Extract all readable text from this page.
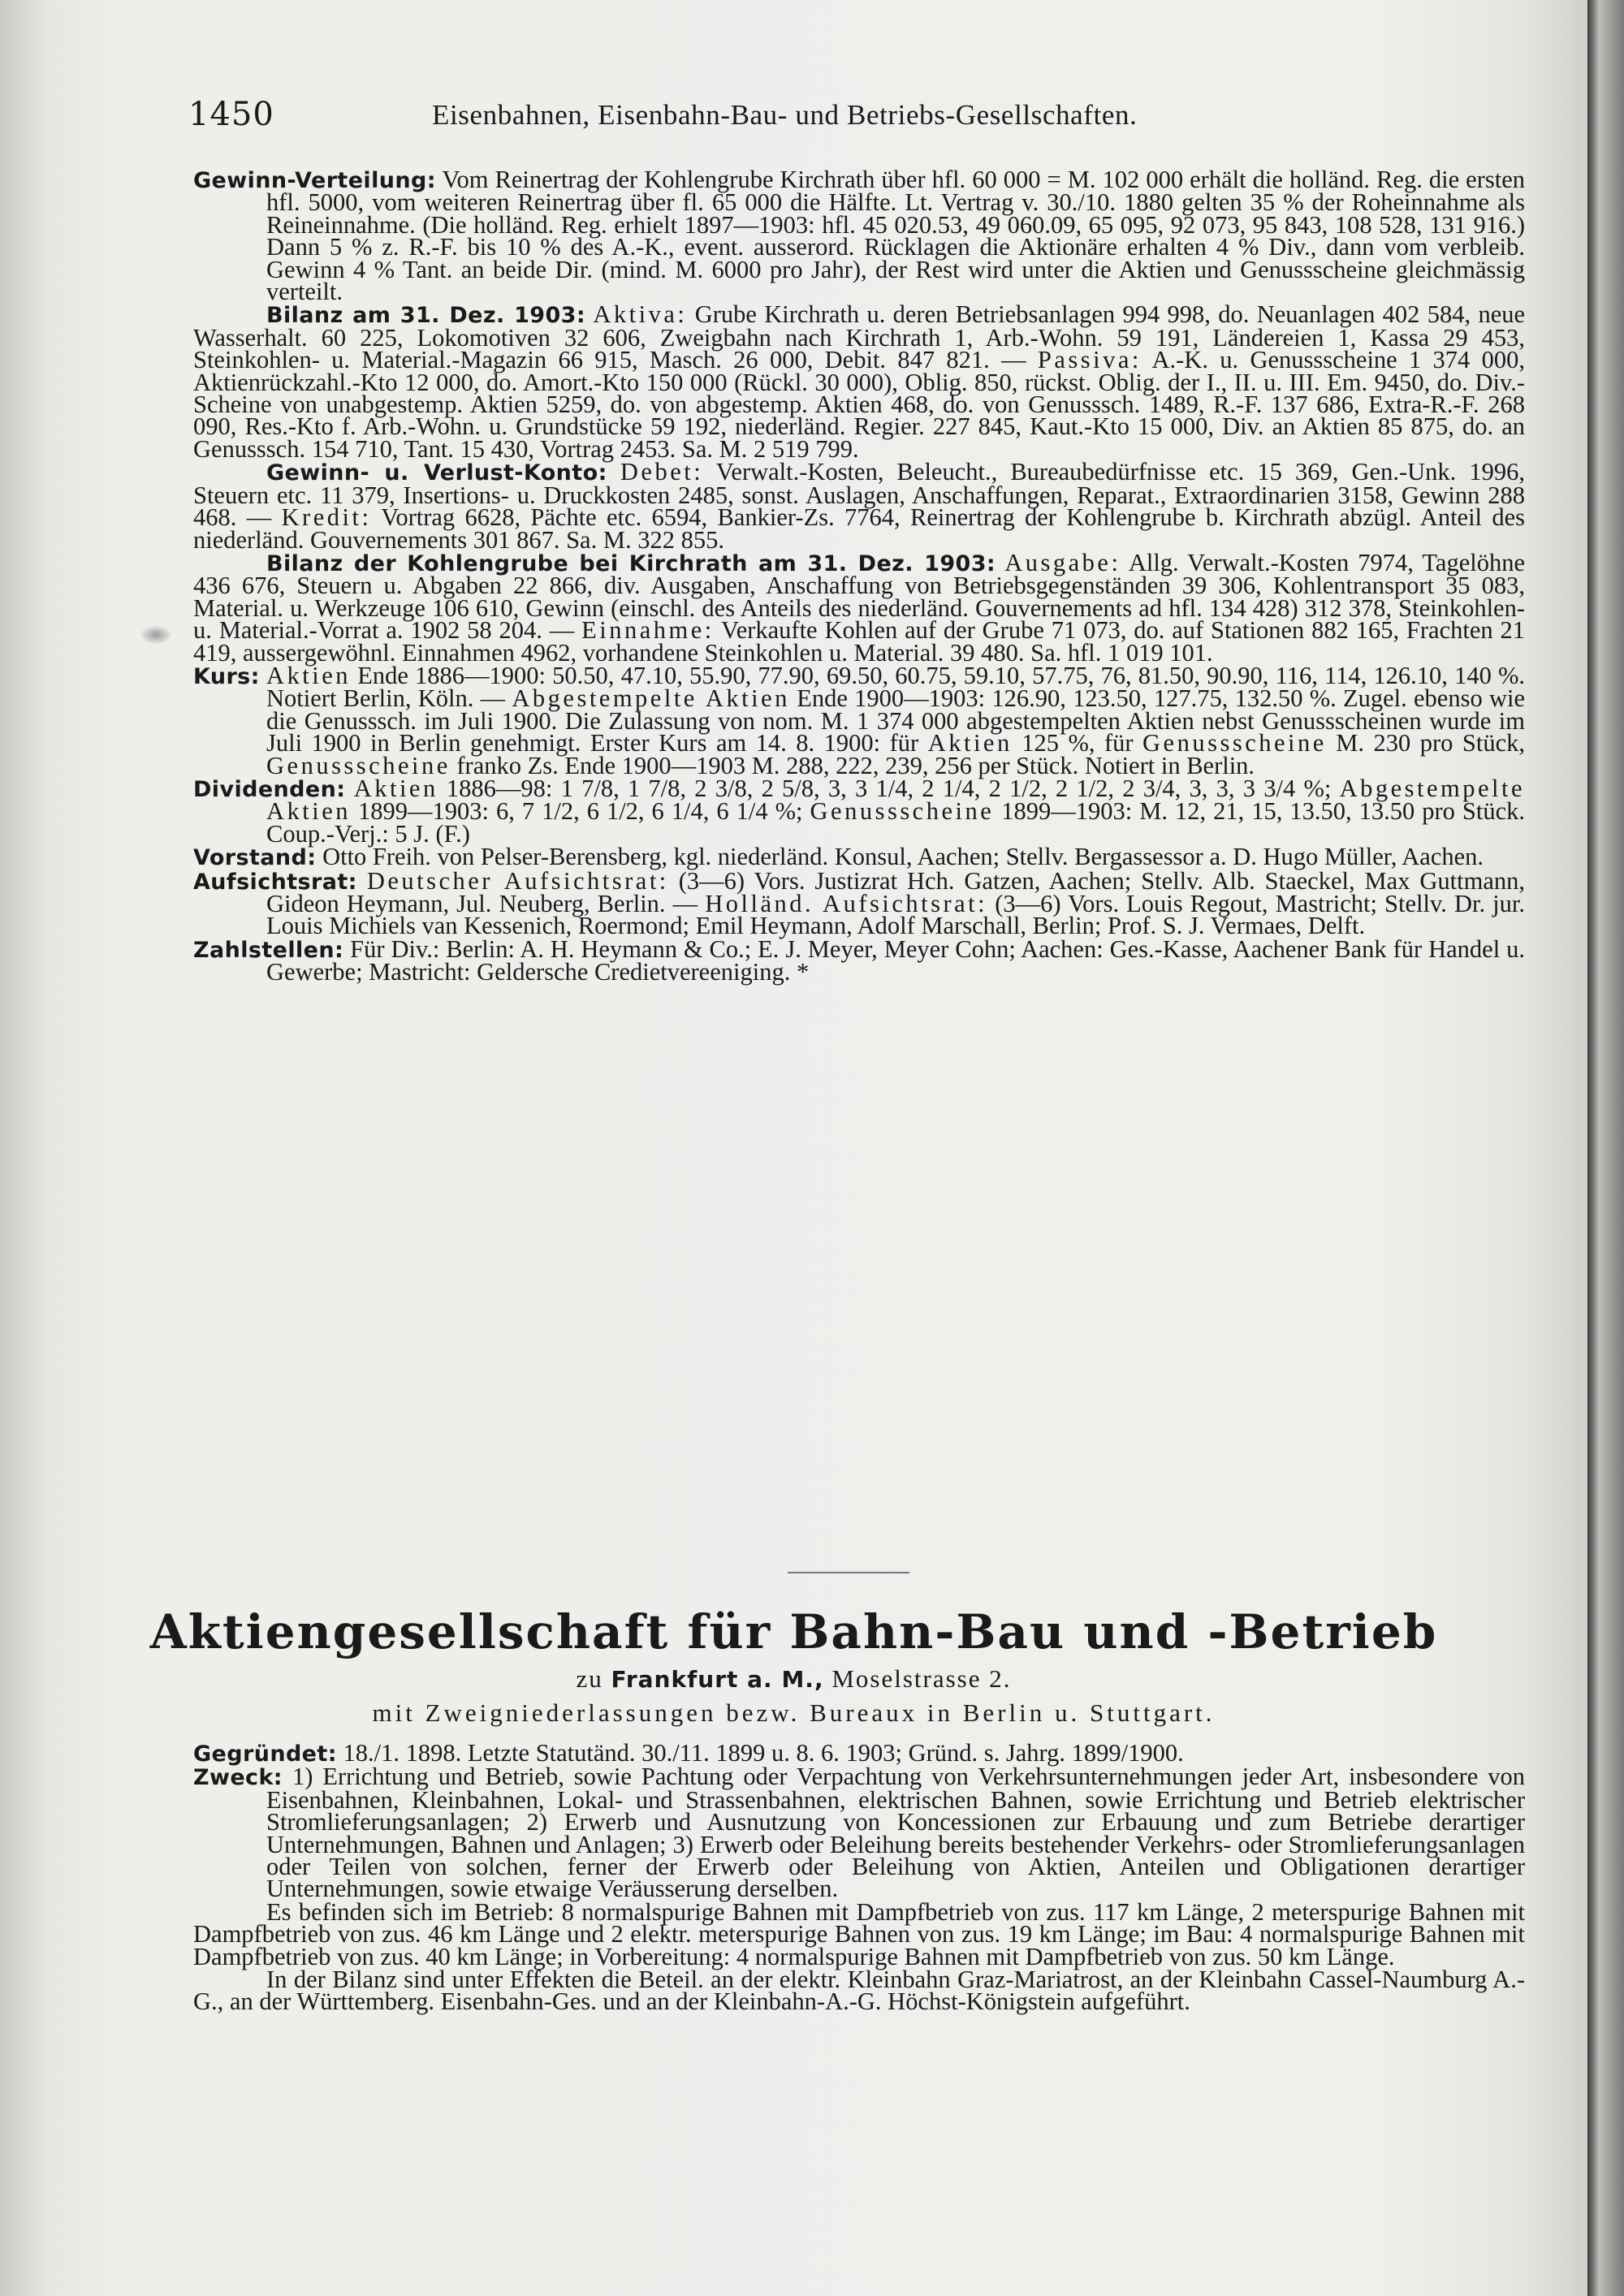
1450	Eisenbahnen, Eisenbahn-Bau- und Betriebs-Gesellschaften.

Gewinn-Verteilung: Vom Reinertrag der Kohlengrube Kirchrath über hfl. 60 000 = M. 102 000 erhält die holländ. Reg. die ersten hfl. 5000, vom weiteren Reinertrag über fl. 65 000 die Hälfte. Lt. Vertrag v. 30./10. 1880 gelten 35 % der Roheinnahme als Reineinnahme. (Die holländ. Reg. erhielt 1897—1903: hfl. 45 020.53, 49 060.09, 65 095, 92 073, 95 843, 108 528, 131 916.) Dann 5 % z. R.-F. bis 10 % des A.-K., event. ausserord. Rücklagen die Aktionäre erhalten 4 % Div., dann vom verbleib. Gewinn 4 % Tant. an beide Dir. (mind. M. 6000 pro Jahr), der Rest wird unter die Aktien und Genussscheine gleichmässig verteilt.

Bilanz am 31. Dez. 1903: Aktiva: Grube Kirchrath u. deren Betriebsanlagen 994 998, do. Neuanlagen 402 584, neue Wasserhalt. 60 225, Lokomotiven 32 606, Zweigbahn nach Kirchrath 1, Arb.-Wohn. 59 191, Ländereien 1, Kassa 29 453, Steinkohlen- u. Material.-Magazin 66 915, Masch. 26 000, Debit. 847 821. — Passiva: A.-K. u. Genussscheine 1 374 000, Aktienrückzahl.-Kto 12 000, do. Amort.-Kto 150 000 (Rückl. 30 000), Oblig. 850, rückst. Oblig. der I., II. u. III. Em. 9450, do. Div.-Scheine von unabgestemp. Aktien 5259, do. von abgestemp. Aktien 468, do. von Genusssch. 1489, R.-F. 137 686, Extra-R.-F. 268 090, Res.-Kto f. Arb.-Wohn. u. Grundstücke 59 192, niederländ. Regier. 227 845, Kaut.-Kto 15 000, Div. an Aktien 85 875, do. an Genusssch. 154 710, Tant. 15 430, Vortrag 2453. Sa. M. 2 519 799.

Gewinn- u. Verlust-Konto: Debet: Verwalt.-Kosten, Beleucht., Bureaubedürfnisse etc. 15 369, Gen.-Unk. 1996, Steuern etc. 11 379, Insertions- u. Druckkosten 2485, sonst. Auslagen, Anschaffungen, Reparat., Extraordinarien 3158, Gewinn 288 468. — Kredit: Vortrag 6628, Pächte etc. 6594, Bankier-Zs. 7764, Reinertrag der Kohlengrube b. Kirchrath abzügl. Anteil des niederländ. Gouvernements 301 867. Sa. M. 322 855.

Bilanz der Kohlengrube bei Kirchrath am 31. Dez. 1903: Ausgabe: Allg. Verwalt.-Kosten 7974, Tagelöhne 436 676, Steuern u. Abgaben 22 866, div. Ausgaben, Anschaffung von Betriebsgegenständen 39 306, Kohlentransport 35 083, Material. u. Werkzeuge 106 610, Gewinn (einschl. des Anteils des niederländ. Gouvernements ad hfl. 134 428) 312 378, Steinkohlen- u. Material.-Vorrat a. 1902 58 204. — Einnahme: Verkaufte Kohlen auf der Grube 71 073, do. auf Stationen 882 165, Frachten 21 419, aussergewöhnl. Einnahmen 4962, vorhandene Steinkohlen u. Material. 39 480. Sa. hfl. 1 019 101.

Kurs: Aktien Ende 1886—1900: 50.50, 47.10, 55.90, 77.90, 69.50, 60.75, 59.10, 57.75, 76, 81.50, 90.90, 116, 114, 126.10, 140 %. Notiert Berlin, Köln. — Abgestempelte Aktien Ende 1900—1903: 126.90, 123.50, 127.75, 132.50 %. Zugel. ebenso wie die Genusssch. im Juli 1900. Die Zulassung von nom. M. 1 374 000 abgestempelten Aktien nebst Genussscheinen wurde im Juli 1900 in Berlin genehmigt. Erster Kurs am 14. 8. 1900: für Aktien 125 %, für Genussscheine M. 230 pro Stück, Genussscheine franko Zs. Ende 1900—1903 M. 288, 222, 239, 256 per Stück. Notiert in Berlin.

Dividenden: Aktien 1886—98: 1 7/8, 1 7/8, 2 3/8, 2 5/8, 3, 3 1/4, 2 1/4, 2 1/2, 2 1/2, 2 3/4, 3, 3, 3 3/4 %; Abgestempelte Aktien 1899—1903: 6, 7 1/2, 6 1/2, 6 1/4, 6 1/4 %; Genussscheine 1899—1903: M. 12, 21, 15, 13.50, 13.50 pro Stück. Coup.-Verj.: 5 J. (F.)

Vorstand: Otto Freih. von Pelser-Berensberg, kgl. niederländ. Konsul, Aachen; Stellv. Bergassessor a. D. Hugo Müller, Aachen.

Aufsichtsrat: Deutscher Aufsichtsrat: (3—6) Vors. Justizrat Hch. Gatzen, Aachen; Stellv. Alb. Staeckel, Max Guttmann, Gideon Heymann, Jul. Neuberg, Berlin. — Holländ. Aufsichtsrat: (3—6) Vors. Louis Regout, Mastricht; Stellv. Dr. jur. Louis Michiels van Kessenich, Roermond; Emil Heymann, Adolf Marschall, Berlin; Prof. S. J. Vermaes, Delft.

Zahlstellen: Für Div.: Berlin: A. H. Heymann & Co.; E. J. Meyer, Meyer Cohn; Aachen: Ges.-Kasse, Aachener Bank für Handel u. Gewerbe; Mastricht: Geldersche Credietvereeniging. *

Aktiengesellschaft für Bahn-Bau und -Betrieb
zu Frankfurt a. M., Moselstrasse 2.
mit Zweigniederlassungen bezw. Bureaux in Berlin u. Stuttgart.

Gegründet: 18./1. 1898. Letzte Statutänd. 30./11. 1899 u. 8. 6. 1903; Gründ. s. Jahrg. 1899/1900.

Zweck: 1) Errichtung und Betrieb, sowie Pachtung oder Verpachtung von Verkehrsunternehmungen jeder Art, insbesondere von Eisenbahnen, Kleinbahnen, Lokal- und Strassenbahnen, elektrischen Bahnen, sowie Errichtung und Betrieb elektrischer Stromlieferungsanlagen; 2) Erwerb und Ausnutzung von Koncessionen zur Erbauung und zum Betriebe derartiger Unternehmungen, Bahnen und Anlagen; 3) Erwerb oder Beleihung bereits bestehender Verkehrs- oder Stromlieferungsanlagen oder Teilen von solchen, ferner der Erwerb oder Beleihung von Aktien, Anteilen und Obligationen derartiger Unternehmungen, sowie etwaige Veräusserung derselben.

Es befinden sich im Betrieb: 8 normalspurige Bahnen mit Dampfbetrieb von zus. 117 km Länge, 2 meterspurige Bahnen mit Dampfbetrieb von zus. 46 km Länge und 2 elektr. meterspurige Bahnen von zus. 19 km Länge; im Bau: 4 normalspurige Bahnen mit Dampfbetrieb von zus. 40 km Länge; in Vorbereitung: 4 normalspurige Bahnen mit Dampfbetrieb von zus. 50 km Länge.

In der Bilanz sind unter Effekten die Beteil. an der elektr. Kleinbahn Graz-Mariatrost, an der Kleinbahn Cassel-Naumburg A.-G., an der Württemberg. Eisenbahn-Ges. und an der Kleinbahn-A.-G. Höchst-Königstein aufgeführt.
